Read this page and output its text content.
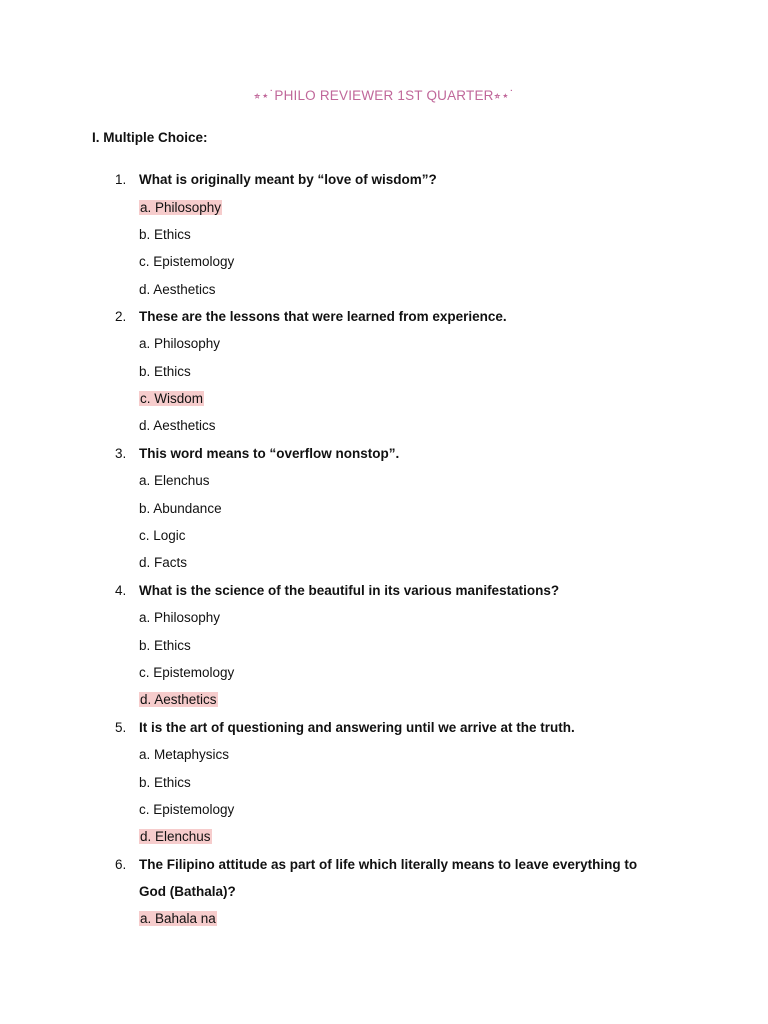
⭒⋆˙PHILO REVIEWER 1ST QUARTER⭒⋆˙
I. Multiple Choice:
1. What is originally meant by “love of wisdom”?
a. Philosophy
b. Ethics
c. Epistemology
d. Aesthetics
2. These are the lessons that were learned from experience.
a. Philosophy
b. Ethics
c. Wisdom
d. Aesthetics
3. This word means to “overflow nonstop”.
a. Elenchus
b. Abundance
c. Logic
d. Facts
4. What is the science of the beautiful in its various manifestations?
a. Philosophy
b. Ethics
c. Epistemology
d. Aesthetics
5. It is the art of questioning and answering until we arrive at the truth.
a. Metaphysics
b. Ethics
c. Epistemology
d. Elenchus
6. The Filipino attitude as part of life which literally means to leave everything to
God (Bathala)?
a. Bahala na
